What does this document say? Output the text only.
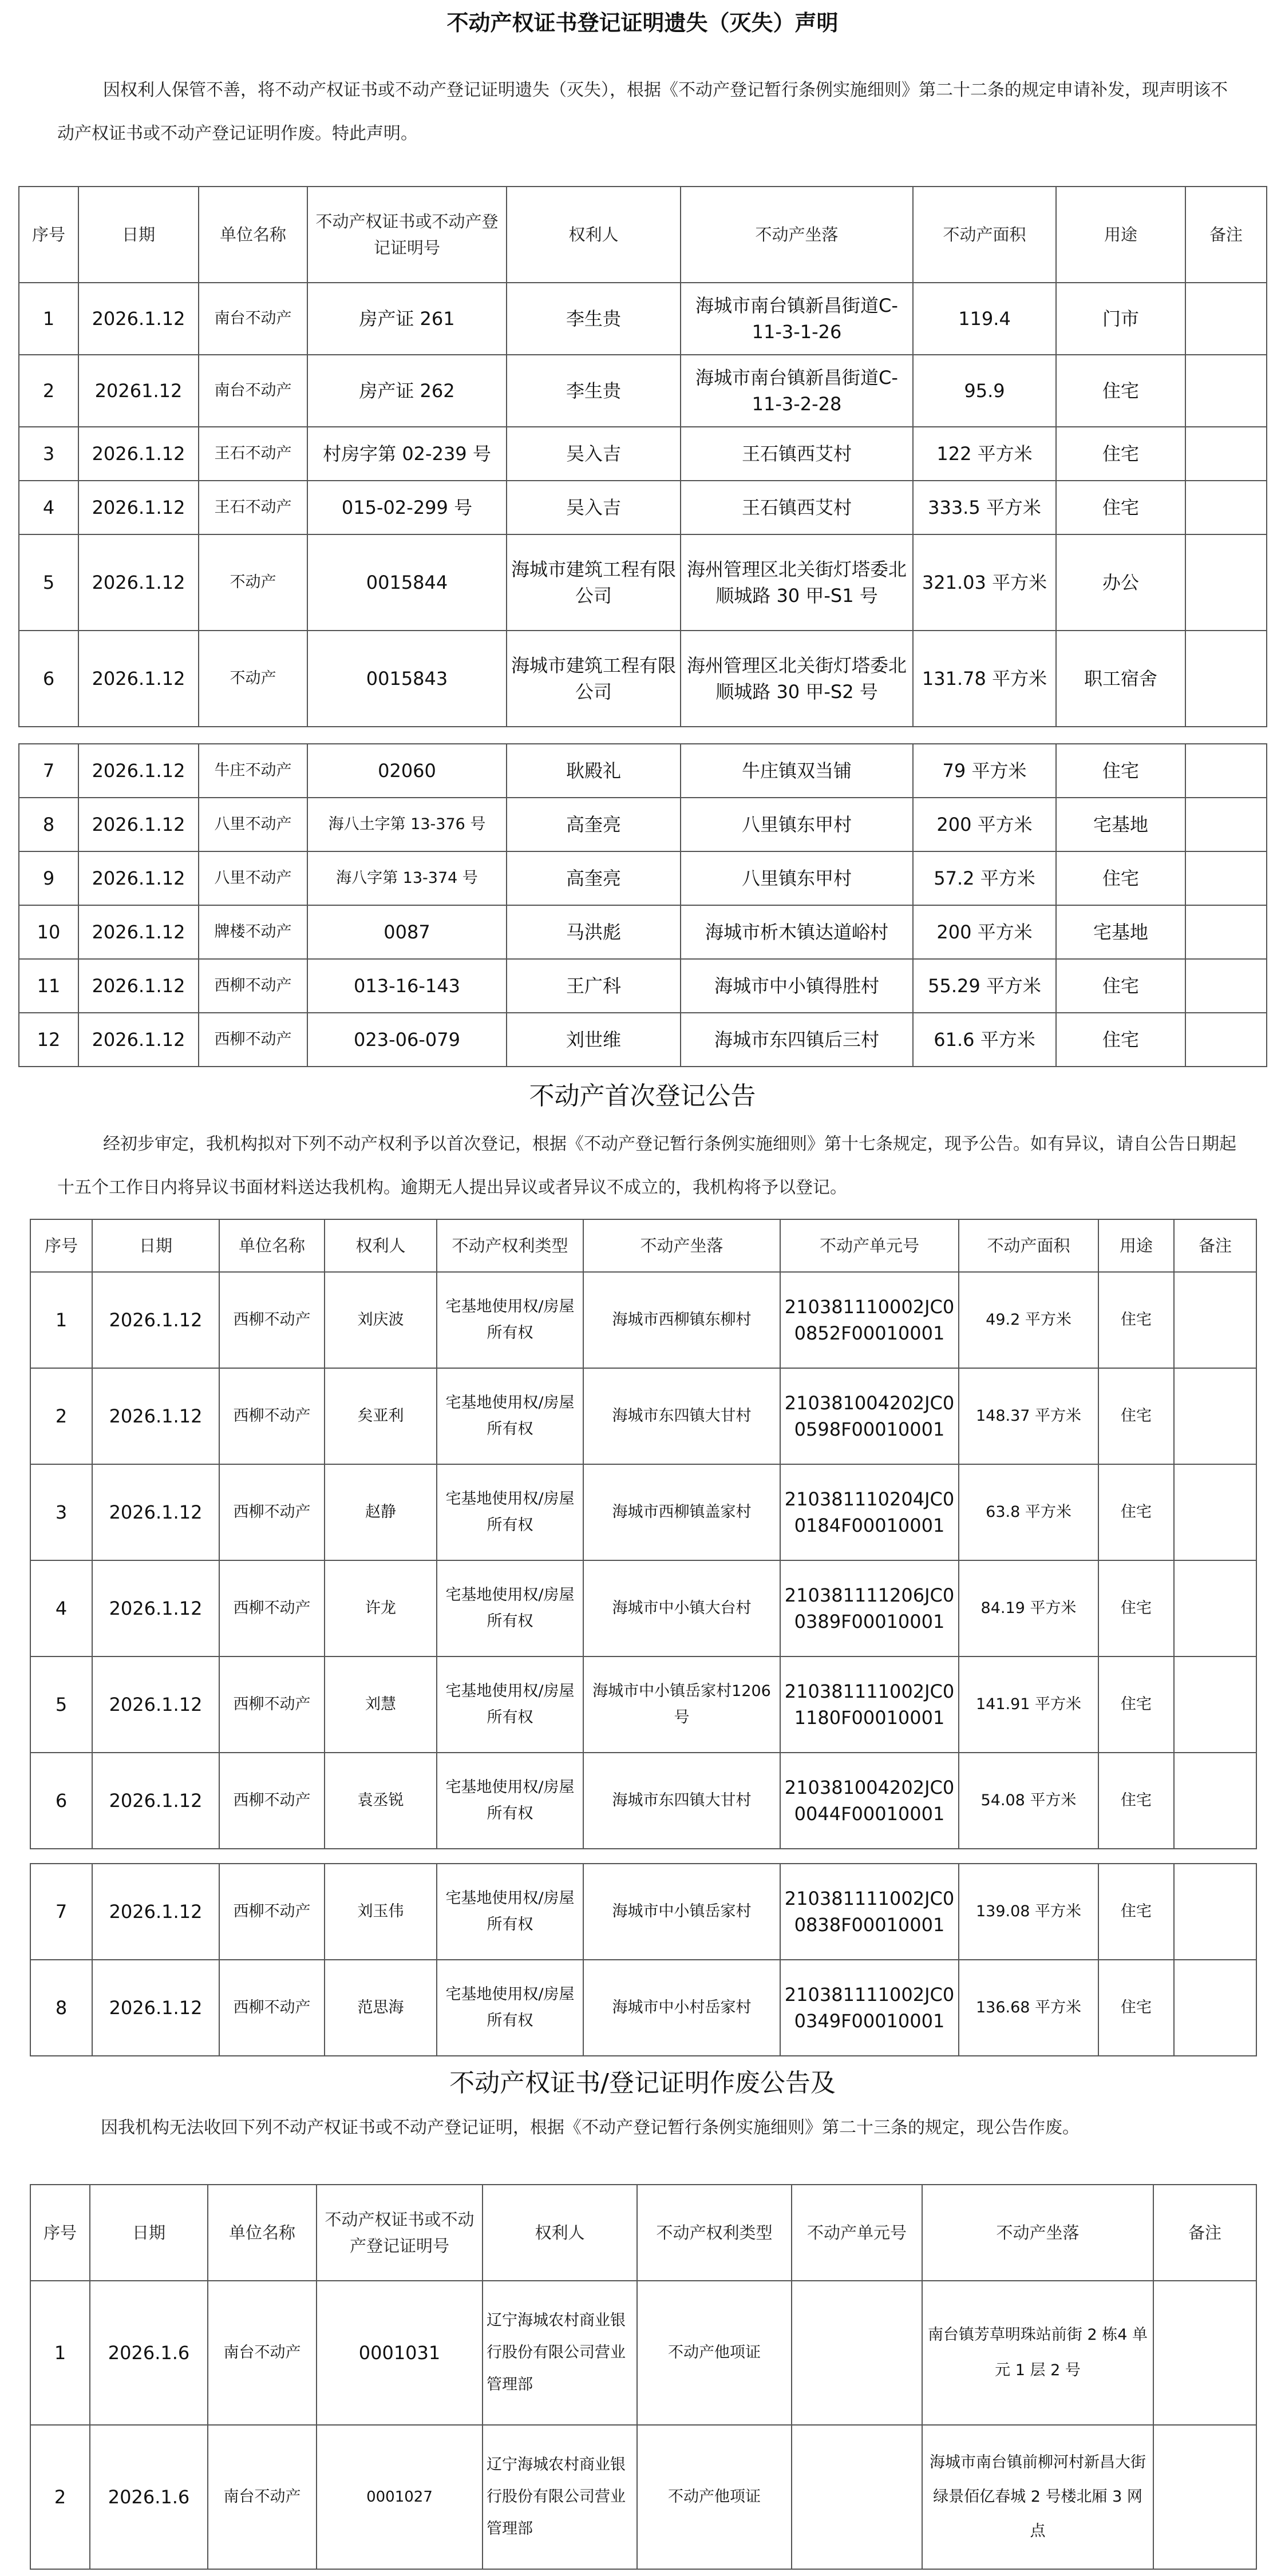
不动产权证书登记证明遗失（灭失）声明
因权利人保管不善，将不动产权证书或不动产登记证明遗失（灭失），根据《不动产登记暂行条例实施细则》第二十二条的规定申请补发，现声明该不动产权证书或不动产登记证明作废。特此声明。
序号	日期	单位名称	不动产权证书或不动产登记证明号	权利人	不动产坐落	不动产面积	用途	备注
1	2026.1.12	南台不动产	房产证 261	李生贵	海城市南台镇新昌街道C-11-3-1-26	119.4	门市	
2	20261.12	南台不动产	房产证 262	李生贵	海城市南台镇新昌街道C-11-3-2-28	95.9	住宅	
3	2026.1.12	王石不动产	村房字第 02-239 号	吴入吉	王石镇西艾村	122 平方米	住宅	
4	2026.1.12	王石不动产	015-02-299 号	吴入吉	王石镇西艾村	333.5 平方米	住宅	
5	2026.1.12	不动产	0015844	海城市建筑工程有限公司	海州管理区北关街灯塔委北顺城路 30 甲-S1 号	321.03 平方米	办公	
6	2026.1.12	不动产	0015843	海城市建筑工程有限公司	海州管理区北关街灯塔委北顺城路 30 甲-S2 号	131.78 平方米	职工宿舍	
7	2026.1.12	牛庄不动产	02060	耿殿礼	牛庄镇双当铺	79 平方米	住宅	
8	2026.1.12	八里不动产	海八土字第 13-376 号	高奎亮	八里镇东甲村	200 平方米	宅基地	
9	2026.1.12	八里不动产	海八字第 13-374 号	高奎亮	八里镇东甲村	57.2 平方米	住宅	
10	2026.1.12	牌楼不动产	0087	马洪彪	海城市析木镇达道峪村	200 平方米	宅基地	
11	2026.1.12	西柳不动产	013-16-143	王广科	海城市中小镇得胜村	55.29 平方米	住宅	
12	2026.1.12	西柳不动产	023-06-079	刘世维	海城市东四镇后三村	61.6 平方米	住宅	
不动产首次登记公告
经初步审定，我机构拟对下列不动产权利予以首次登记，根据《不动产登记暂行条例实施细则》第十七条规定，现予公告。如有异议，请自公告日期起十五个工作日内将异议书面材料送达我机构。逾期无人提出异议或者异议不成立的，我机构将予以登记。
序号	日期	单位名称	权利人	不动产权利类型	不动产坐落	不动产单元号	不动产面积	用途	备注
1	2026.1.12	西柳不动产	刘庆波	宅基地使用权/房屋所有权	海城市西柳镇东柳村	210381110002JC00852F00010001	49.2 平方米	住宅	
2	2026.1.12	西柳不动产	矣亚利	宅基地使用权/房屋所有权	海城市东四镇大甘村	210381004202JC00598F00010001	148.37 平方米	住宅	
3	2026.1.12	西柳不动产	赵静	宅基地使用权/房屋所有权	海城市西柳镇盖家村	210381110204JC00184F00010001	63.8 平方米	住宅	
4	2026.1.12	西柳不动产	许龙	宅基地使用权/房屋所有权	海城市中小镇大台村	210381111206JC00389F00010001	84.19 平方米	住宅	
5	2026.1.12	西柳不动产	刘慧	宅基地使用权/房屋所有权	海城市中小镇岳家村1206 号	210381111002JC01180F00010001	141.91 平方米	住宅	
6	2026.1.12	西柳不动产	袁丞锐	宅基地使用权/房屋所有权	海城市东四镇大甘村	210381004202JC00044F00010001	54.08 平方米	住宅	
7	2026.1.12	西柳不动产	刘玉伟	宅基地使用权/房屋所有权	海城市中小镇岳家村	210381111002JC00838F00010001	139.08 平方米	住宅	
8	2026.1.12	西柳不动产	范思海	宅基地使用权/房屋所有权	海城市中小村岳家村	210381111002JC00349F00010001	136.68 平方米	住宅	
不动产权证书/登记证明作废公告及
因我机构无法收回下列不动产权证书或不动产登记证明，根据《不动产登记暂行条例实施细则》第二十三条的规定，现公告作废。
序号	日期	单位名称	不动产权证书或不动产登记证明号	权利人	不动产权利类型	不动产单元号	不动产坐落	备注
1	2026.1.6	南台不动产	0001031	辽宁海城农村商业银行股份有限公司营业管理部	不动产他项证		南台镇芳草明珠站前街 2 栋4 单元 1 层 2 号	
2	2026.1.6	南台不动产	0001027	辽宁海城农村商业银行股份有限公司营业管理部	不动产他项证		海城市南台镇前柳河村新昌大街绿景佰亿春城 2 号楼北厢 3 网点	
